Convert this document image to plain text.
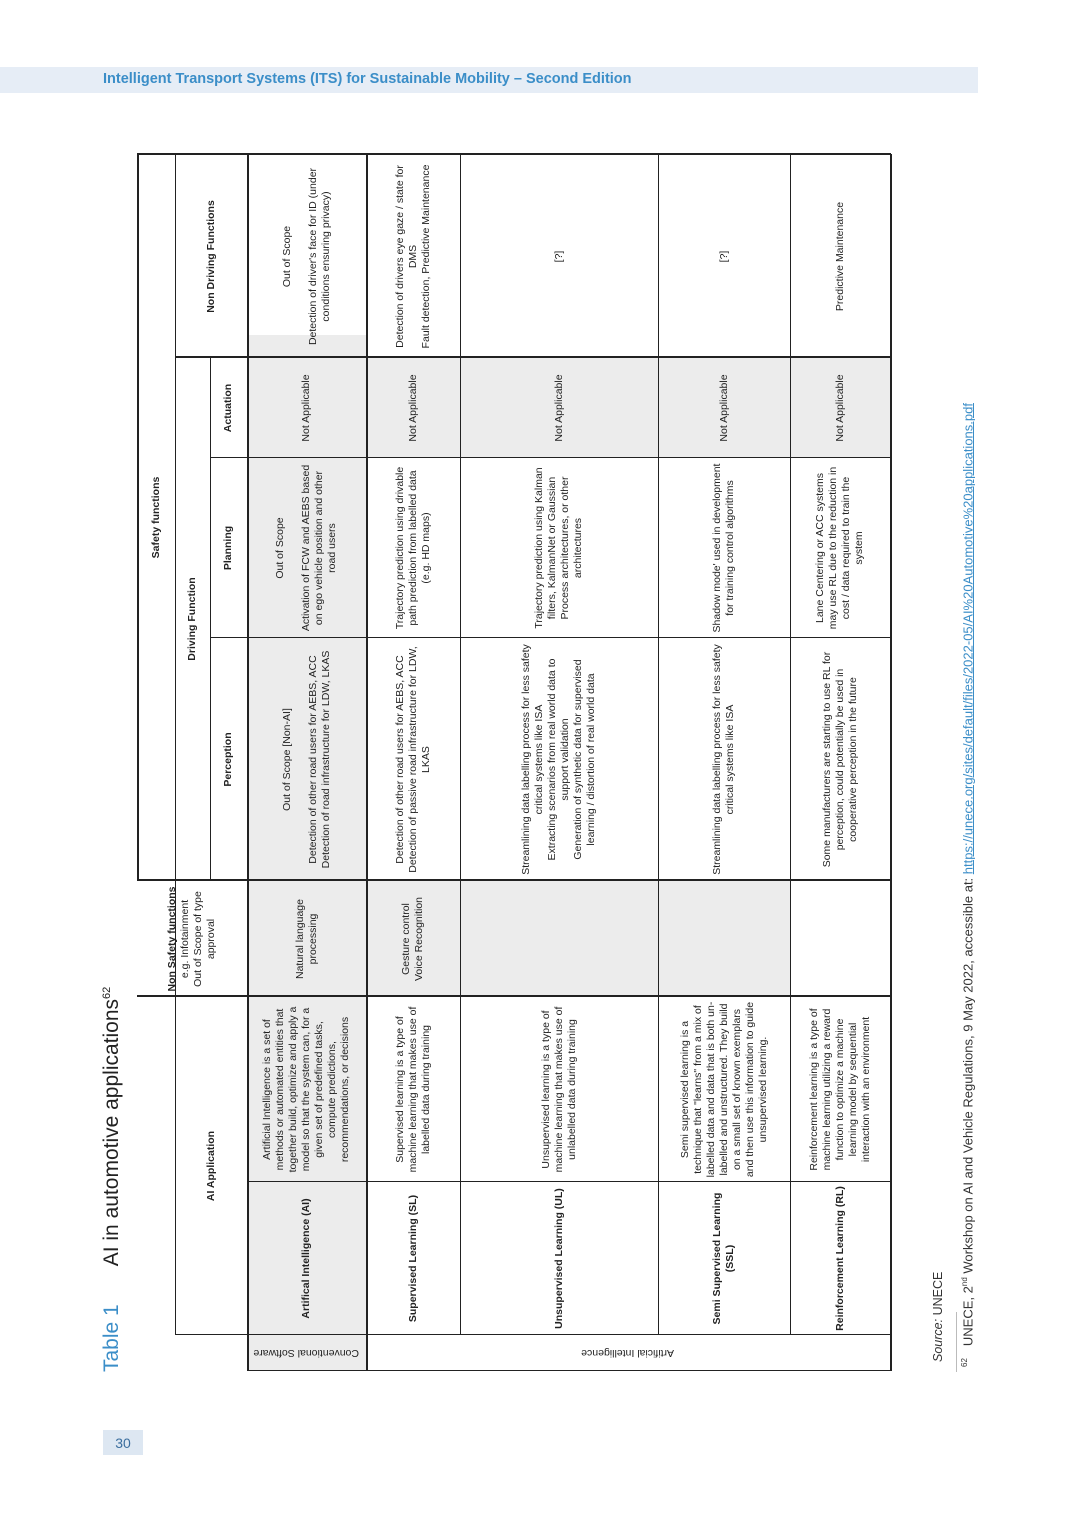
Intelligent Transport Systems (ITS) for Sustainable Mobility – Second Edition
Table 1AI in automotive applications$^{62}$
AI Application
Non Safety functions e.g. Infotainment Out of Scope of type approval
Safety functions
Driving Function
Perception
Planning
Actuation
Non Driving Functions
Conventional Software	Artificial Intelligence
Artifical Intelligence (AI)
Artificial Intelligence is a set of methods or automated entities that together build, optimize and apply a model so that the system can, for a given set of predefined tasks, compute predictions, recommendations, or decisions
Natural language processing
Out of Scope [Non-AI] Detection of other road users for AEBS, ACC Detection of road infrastructure for LDW, LKAS
Out of Scope Activation of FCW and AEBS based on ego vehicle position and other road users
Not Applicable
Out of Scope Detection of driver's face for ID (under conditions ensuring privacy)
Supervised Learning (SL)
Supervised learning is a type of machine learning that makes use of labelled data during training
Gesture control Voice Recognition
Detection of other road users for AEBS, ACC Detection of passive road infrastructure for LDW, LKAS
Trajectory prediction using drivable path prediction from labelled data (e.g. HD maps)
Not Applicable
Detection of drivers eye gaze / state for DMS Fault detection, Predictive Maintenance
Unsupervised Learning (UL)
Unsupervised learning is a type of machine learning that makes use of unlabelled data during training
Streamlining data labelling process for less safety critical systems like ISA Extracting scenarios from real world data to support validation Generation of synthetic data for supervised learning / distortion of real world data
Trajectory prediction using Kalman filters, KalmanNet or Gaussian Process architectures, or other architectures
Not Applicable
[?]
Semi Supervised Learning (SSL)
Semi supervised learning is a technique that "learns" from a mix of labelled data and data that is both un-labelled and unstructured. They build on a small set of known exemplars and then use this information to guide unsupervised learning.
Streamlining data labelling process for less safety critical systems like ISA
Shadow mode' used in development for training control algorithms
Not Applicable
[?]
Reinforcement Learning (RL)
Reinforcement learning is a type of machine learning utilizing a reward function to optimize a machine learning model by sequential interaction with an environment
Some manufacturers are starting to use RL for perception, could potentially be used in cooperative perception in the future
Lane Centering or ACC systems may use RL due to the reduction in cost / data required to train the system
Not Applicable
Predictive Maintenance
Source: UNECE
$^{62}$UNECE, 2nd Workshop on AI and Vehicle Regulations, 9 May 2022, accessible at: https://unece.org/sites/default/files/2022-05/AI%20Automotive%20applications.pdf
30
